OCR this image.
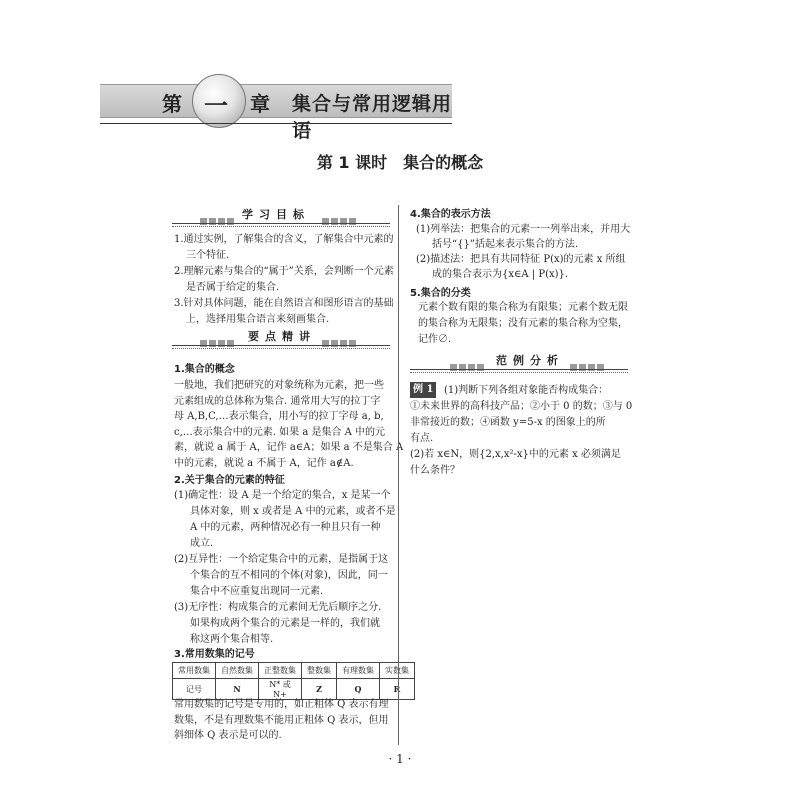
第 一 章 集合与常用逻辑用语
第 1 课时　集合的概念
学习目标
1.通过实例，了解集合的含义，了解集合中元素的
三个特征.
2.理解元素与集合的“属于”关系，会判断一个元素
是否属于给定的集合.
3.针对具体问题，能在自然语言和图形语言的基础
上，选择用集合语言来刻画集合.
要点精讲
1.集合的概念
一般地，我们把研究的对象统称为元素，把一些
元素组成的总体称为集合. 通常用大写的拉丁字
母 A,B,C,…表示集合，用小写的拉丁字母 a, b,
c,…表示集合中的元素. 如果 a 是集合 A 中的元
素，就说 a 属于 A，记作 a∈A；如果 a 不是集合 A
中的元素，就说 a 不属于 A，记作 a∉A.
2.关于集合的元素的特征
(1)确定性：设 A 是一个给定的集合，x 是某一个
具体对象，则 x 或者是 A 中的元素，或者不是
A 中的元素，两种情况必有一种且只有一种
成立.
(2)互异性：一个给定集合中的元素，是指属于这
个集合的互不相同的个体(对象)，因此，同一
集合中不应重复出现同一元素.
(3)无序性：构成集合的元素间无先后顺序之分.
如果构成两个集合的元素是一样的，我们就
称这两个集合相等.
3.常用数集的记号
常用数集	自然数集	正整数集	整数集	有理数集	实数集
记号	N	N* 或 N+	Z	Q	R
常用数集的记号是专用的，如正粗体 Q 表示有理
数集，不是有理数集不能用正粗体 Q 表示，但用
斜细体 Q 表示是可以的.
4.集合的表示方法
(1)列举法：把集合的元素一一列举出来，并用大
括号“{}”括起来表示集合的方法.
(2)描述法：把具有共同特征 P(x)的元素 x 所组
成的集合表示为{x∈A | P(x)}.
5.集合的分类
元素个数有限的集合称为有限集；元素个数无限
的集合称为无限集；没有元素的集合称为空集，
记作∅.
范例分析
例 1	(1)判断下列各组对象能否构成集合：
①未来世界的高科技产品；②小于 0 的数；③与 0
非常接近的数；④函数 y=5-x 的图象上的所
有点.
(2)若 x∈N，则{2,x,x²-x}中的元素 x 必须满足
什么条件？
· 1 ·
